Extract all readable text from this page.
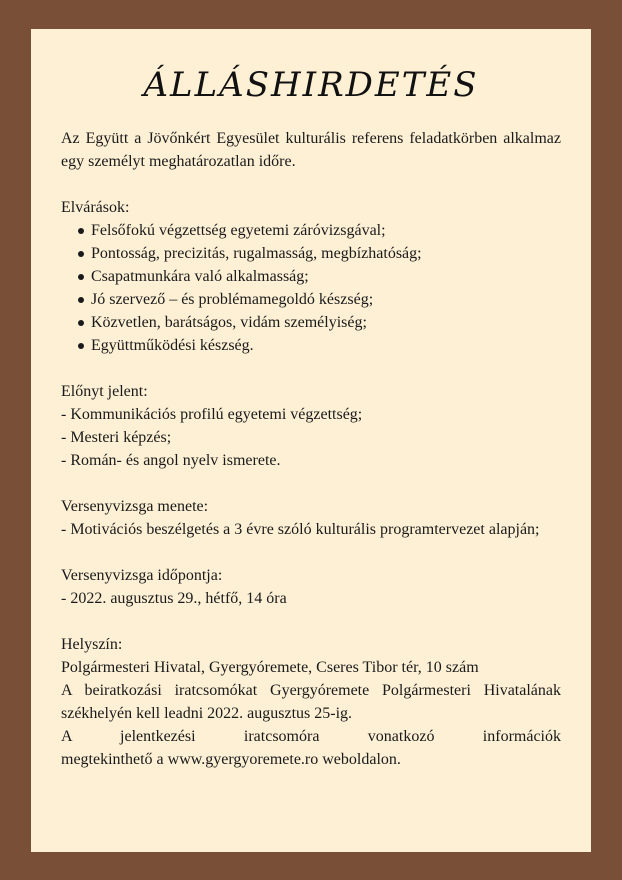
ÁLLÁSHIRDETÉS

Az Együtt a Jövőnkért Egyesület kulturális referens feladatkörben alkalmaz egy személyt meghatározatlan időre.

Elvárások:

Felsőfokú végzettség egyetemi záróvizsgával;
Pontosság, precizitás, rugalmasság, megbízhatóság;
Csapatmunkára való alkalmasság;
Jó szervező – és problémamegoldó készség;
Közvetlen, barátságos, vidám személyiség;
Együttműködési készség.

Előnyt jelent:

- Kommunikációs profilú egyetemi végzettség;

- Mesteri képzés;

- Román- és angol nyelv ismerete.

Versenyvizsga menete:

- Motivációs beszélgetés a 3 évre szóló kulturális programtervezet alapján;

Versenyvizsga időpontja:

- 2022. augusztus 29., hétfő, 14 óra

Helyszín:

Polgármesteri Hivatal, Gyergyóremete, Cseres Tibor tér, 10 szám

A beiratkozási iratcsomókat Gyergyóremete Polgármesteri Hivatalának székhelyén kell leadni 2022. augusztus 25-ig.

A jelentkezési iratcsomóra vonatkozó információk

megtekinthető a www.gyergyoremete.ro weboldalon.
